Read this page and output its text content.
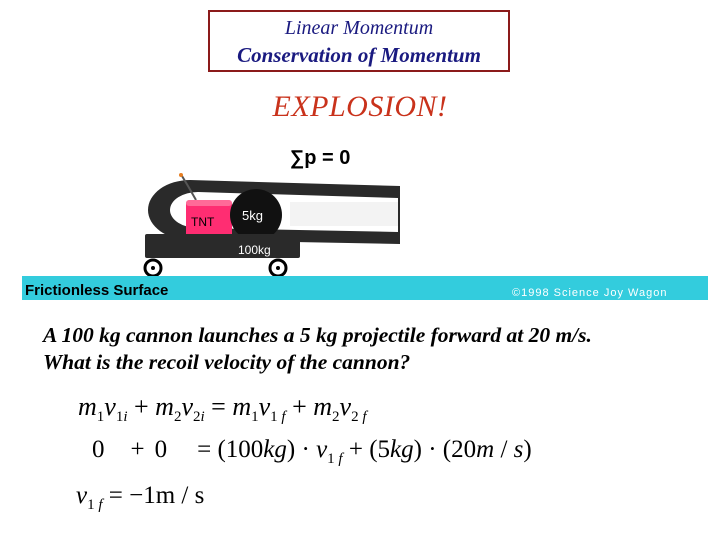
Linear Momentum
Conservation of Momentum
EXPLOSION!
∑p = 0
TNT 5kg
100kg
Frictionless Surface	©1998 Science Joy Wagon
A 100 kg cannon launches a 5 kg projectile forward at 20 m/s.
What is the recoil velocity of the cannon?
$m_1v_{1i} + m_2v_{2i} = m_1v_{1 f} + m_2v_{2 f}$
$0 + 0 = (100kg) \cdot v_{1 f} + (5kg) \cdot (20m / s)$
$v_{1 f} = -1m / s$
